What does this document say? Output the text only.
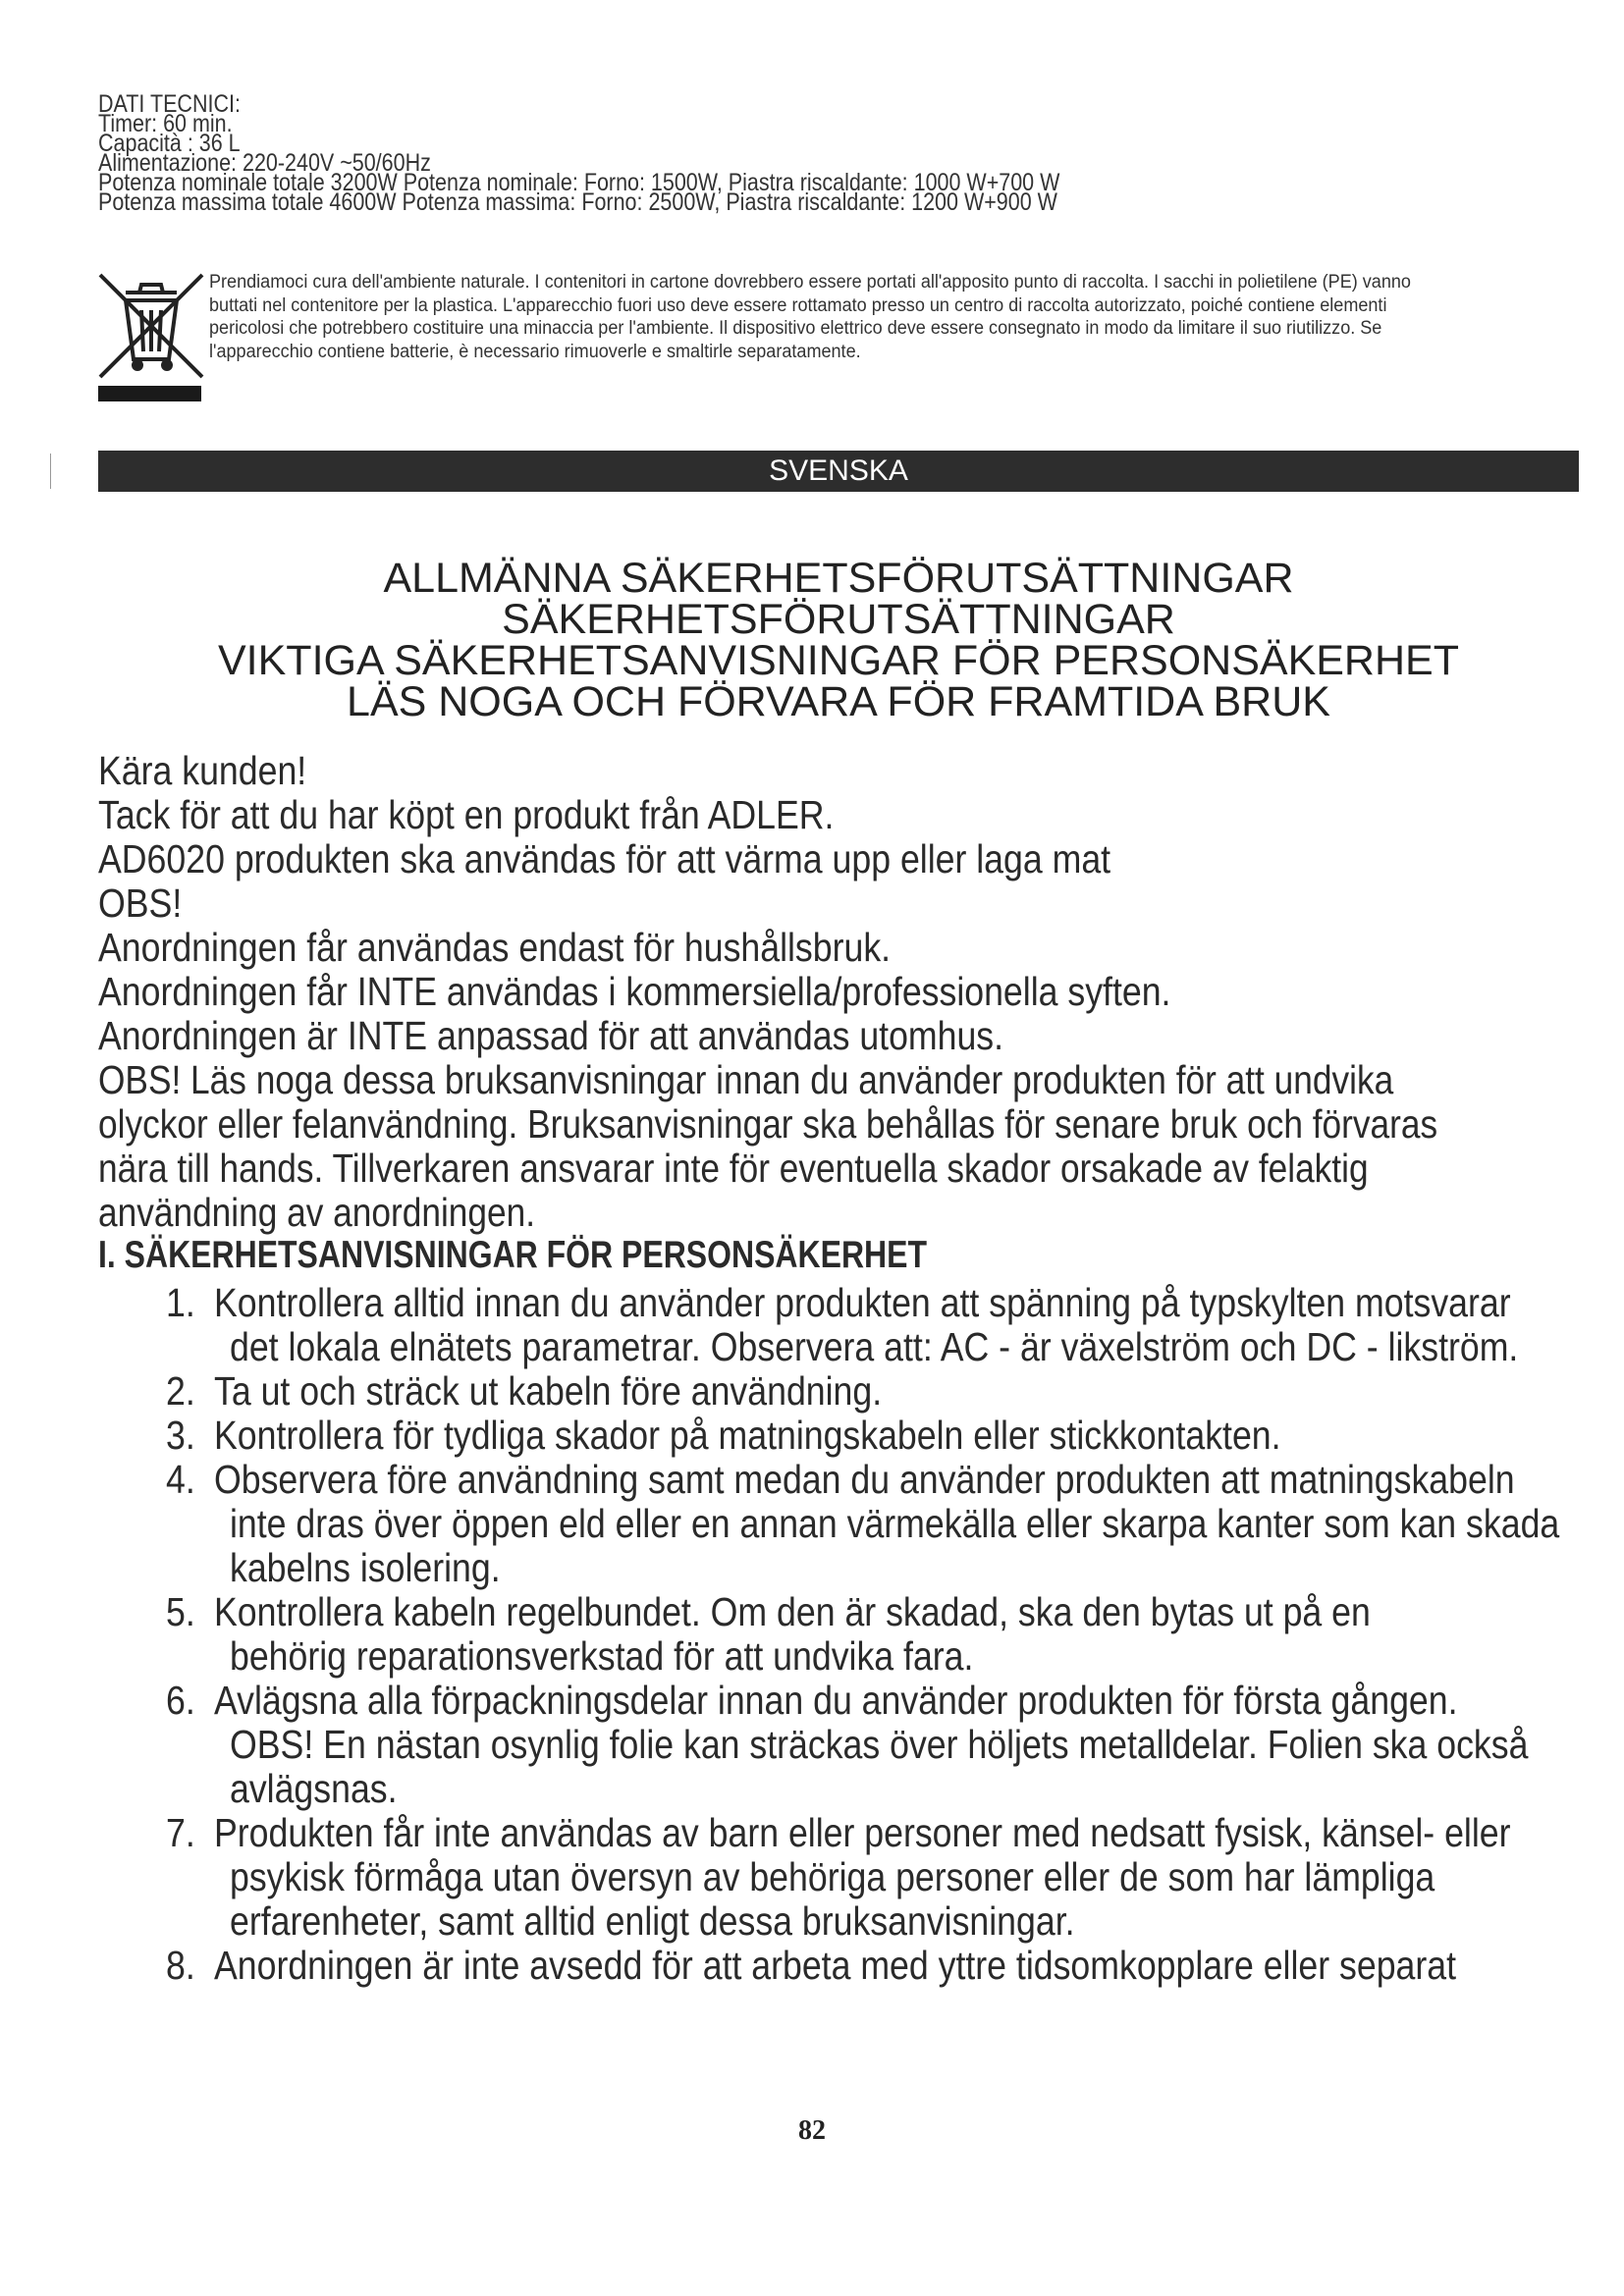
DATI TECNICI:
Timer: 60 min.
Capacità : 36 L
Alimentazione: 220-240V ~50/60Hz
Potenza nominale totale 3200W Potenza nominale: Forno: 1500W, Piastra riscaldante: 1000 W+700 W
Potenza massima totale 4600W Potenza massima: Forno: 2500W, Piastra riscaldante: 1200 W+900 W
Prendiamoci cura dell'ambiente naturale. I contenitori in cartone dovrebbero essere portati all'apposito punto di raccolta. I sacchi in polietilene (PE) vanno buttati nel contenitore per la plastica. L'apparecchio fuori uso deve essere rottamato presso un centro di raccolta autorizzato, poiché contiene elementi pericolosi che potrebbero costituire una minaccia per l'ambiente. Il dispositivo elettrico deve essere consegnato in modo da limitare il suo riutilizzo. Se l'apparecchio contiene batterie, è necessario rimuoverle e smaltirle separatamente.
SVENSKA
ALLMÄNNA SÄKERHETSFÖRUTSÄTTNINGAR
SÄKERHETSFÖRUTSÄTTNINGAR
VIKTIGA SÄKERHETSANVISNINGAR FÖR PERSONSÄKERHET
LÄS NOGA OCH FÖRVARA FÖR FRAMTIDA BRUK
Kära kunden!
Tack för att du har köpt en produkt från ADLER.
AD6020 produkten ska användas för att värma upp eller laga mat
OBS!
Anordningen får användas endast för hushållsbruk.
Anordningen får INTE användas i kommersiella/professionella syften.
Anordningen är INTE anpassad för att användas utomhus.
OBS! Läs noga dessa bruksanvisningar innan du använder produkten för att undvika
olyckor eller felanvändning. Bruksanvisningar ska behållas för senare bruk och förvaras
nära till hands. Tillverkaren ansvarar inte för eventuella skador orsakade av felaktig
användning av anordningen.
I. SÄKERHETSANVISNINGAR FÖR PERSONSÄKERHET
1. Kontrollera alltid innan du använder produkten att spänning på typskylten motsvarar
det lokala elnätets parametrar. Observera att: AC - är växelström och DC - likström.
2. Ta ut och sträck ut kabeln före användning.
3. Kontrollera för tydliga skador på matningskabeln eller stickkontakten.
4. Observera före användning samt medan du använder produkten att matningskabeln
inte dras över öppen eld eller en annan värmekälla eller skarpa kanter som kan skada
kabelns isolering.
5. Kontrollera kabeln regelbundet. Om den är skadad, ska den bytas ut på en
behörig reparationsverkstad för att undvika fara.
6. Avlägsna alla förpackningsdelar innan du använder produkten för första gången.
OBS! En nästan osynlig folie kan sträckas över höljets metalldelar. Folien ska också
avlägsnas.
7. Produkten får inte användas av barn eller personer med nedsatt fysisk, känsel- eller
psykisk förmåga utan översyn av behöriga personer eller de som har lämpliga
erfarenheter, samt alltid enligt dessa bruksanvisningar.
8. Anordningen är inte avsedd för att arbeta med yttre tidsomkopplare eller separat
82
